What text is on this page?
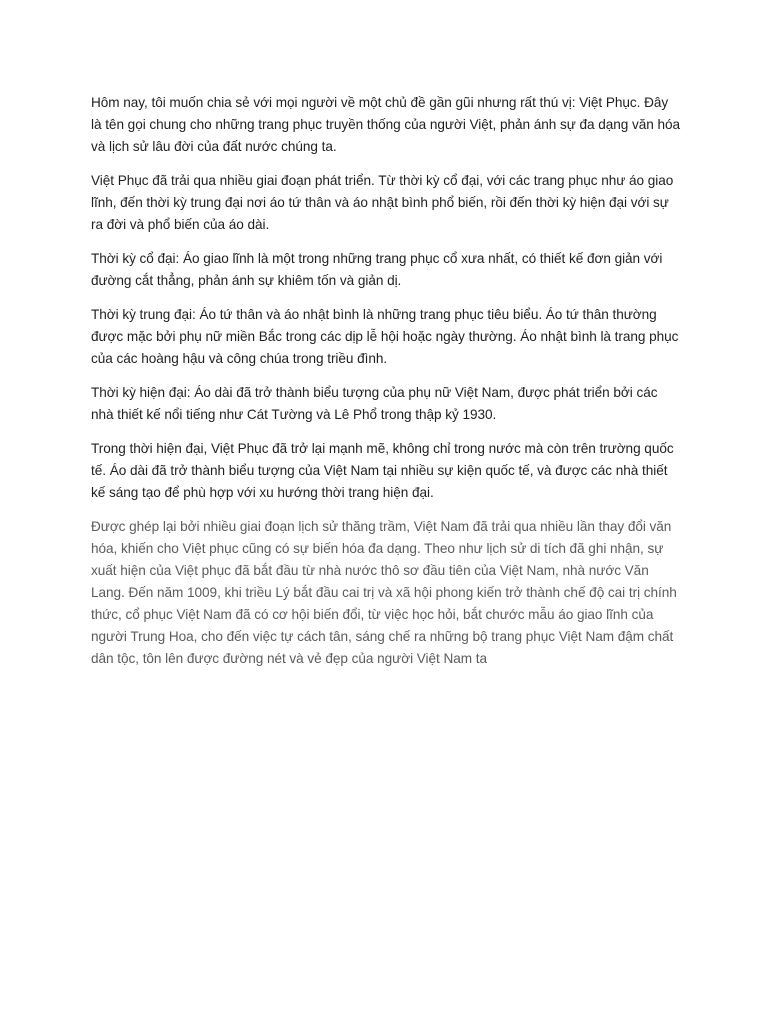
Hôm nay, tôi muốn chia sẻ với mọi người về một chủ đề gần gũi nhưng rất thú vị: Việt Phục. Đây là tên gọi chung cho những trang phục truyền thống của người Việt, phản ánh sự đa dạng văn hóa và lịch sử lâu đời của đất nước chúng ta.

Việt Phục đã trải qua nhiều giai đoạn phát triển. Từ thời kỳ cổ đại, với các trang phục như áo giao lĩnh, đến thời kỳ trung đại nơi áo tứ thân và áo nhật bình phổ biến, rồi đến thời kỳ hiện đại với sự ra đời và phổ biến của áo dài.

Thời kỳ cổ đại: Áo giao lĩnh là một trong những trang phục cổ xưa nhất, có thiết kế đơn giản với đường cắt thẳng, phản ánh sự khiêm tốn và giản dị.

Thời kỳ trung đại: Áo tứ thân và áo nhật bình là những trang phục tiêu biểu. Áo tứ thân thường được mặc bởi phụ nữ miền Bắc trong các dịp lễ hội hoặc ngày thường. Áo nhật bình là trang phục của các hoàng hậu và công chúa trong triều đình.

Thời kỳ hiện đại: Áo dài đã trở thành biểu tượng của phụ nữ Việt Nam, được phát triển bởi các nhà thiết kế nổi tiếng như Cát Tường và Lê Phổ trong thập kỷ 1930.

Trong thời hiện đại, Việt Phục đã trở lại mạnh mẽ, không chỉ trong nước mà còn trên trường quốc tế. Áo dài đã trở thành biểu tượng của Việt Nam tại nhiều sự kiện quốc tế, và được các nhà thiết kế sáng tạo để phù hợp với xu hướng thời trang hiện đại.

Được ghép lại bởi nhiều giai đoạn lịch sử thăng trầm, Việt Nam đã trải qua nhiều lần thay đổi văn hóa, khiến cho Việt phục cũng có sự biến hóa đa dạng. Theo như lịch sử di tích đã ghi nhận, sự xuất hiện của Việt phục đã bắt đầu từ nhà nước thô sơ đầu tiên của Việt Nam, nhà nước Văn Lang. Đến năm 1009, khi triều Lý bắt đầu cai trị và xã hội phong kiến trở thành chế độ cai trị chính thức, cổ phục Việt Nam đã có cơ hội biến đổi, từ việc học hỏi, bắt chước mẫu áo giao lĩnh của người Trung Hoa, cho đến việc tự cách tân, sáng chế ra những bộ trang phục Việt Nam đậm chất dân tộc, tôn lên được đường nét và vẻ đẹp của người Việt Nam ta
